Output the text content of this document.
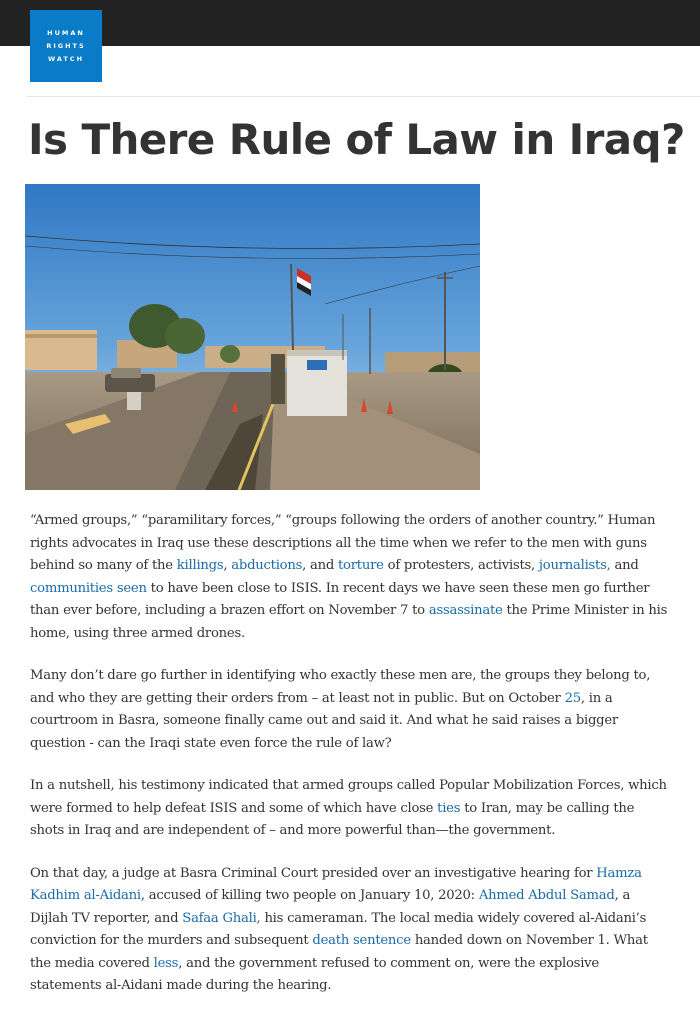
HUMAN
RIGHTS
WATCH
Is There Rule of Law in Iraq?

“Armed groups,” “paramilitary forces,” “groups following the orders of another country.” Human rights advocates in Iraq use these descriptions all the time when we refer to the men with guns behind so many of the killings, abductions, and torture of protesters, activists, journalists, and communities seen to have been close to ISIS. In recent days we have seen these men go further than ever before, including a brazen effort on November 7 to assassinate the Prime Minister in his home, using three armed drones.

Many don’t dare go further in identifying who exactly these men are, the groups they belong to, and who they are getting their orders from – at least not in public. But on October 25, in a courtroom in Basra, someone finally came out and said it. And what he said raises a bigger question - can the Iraqi state even force the rule of law?

In a nutshell, his testimony indicated that armed groups called Popular Mobilization Forces, which were formed to help defeat ISIS and some of which have close ties to Iran, may be calling the shots in Iraq and are independent of – and more powerful than—the government.

On that day, a judge at Basra Criminal Court presided over an investigative hearing for Hamza Kadhim al-Aidani, accused of killing two people on January 10, 2020: Ahmed Abdul Samad, a Dijlah TV reporter, and Safaa Ghali, his cameraman. The local media widely covered al-Aidani’s conviction for the murders and subsequent death sentence handed down on November 1. What the media covered less, and the government refused to comment on, were the explosive statements al-Aidani made during the hearing.
